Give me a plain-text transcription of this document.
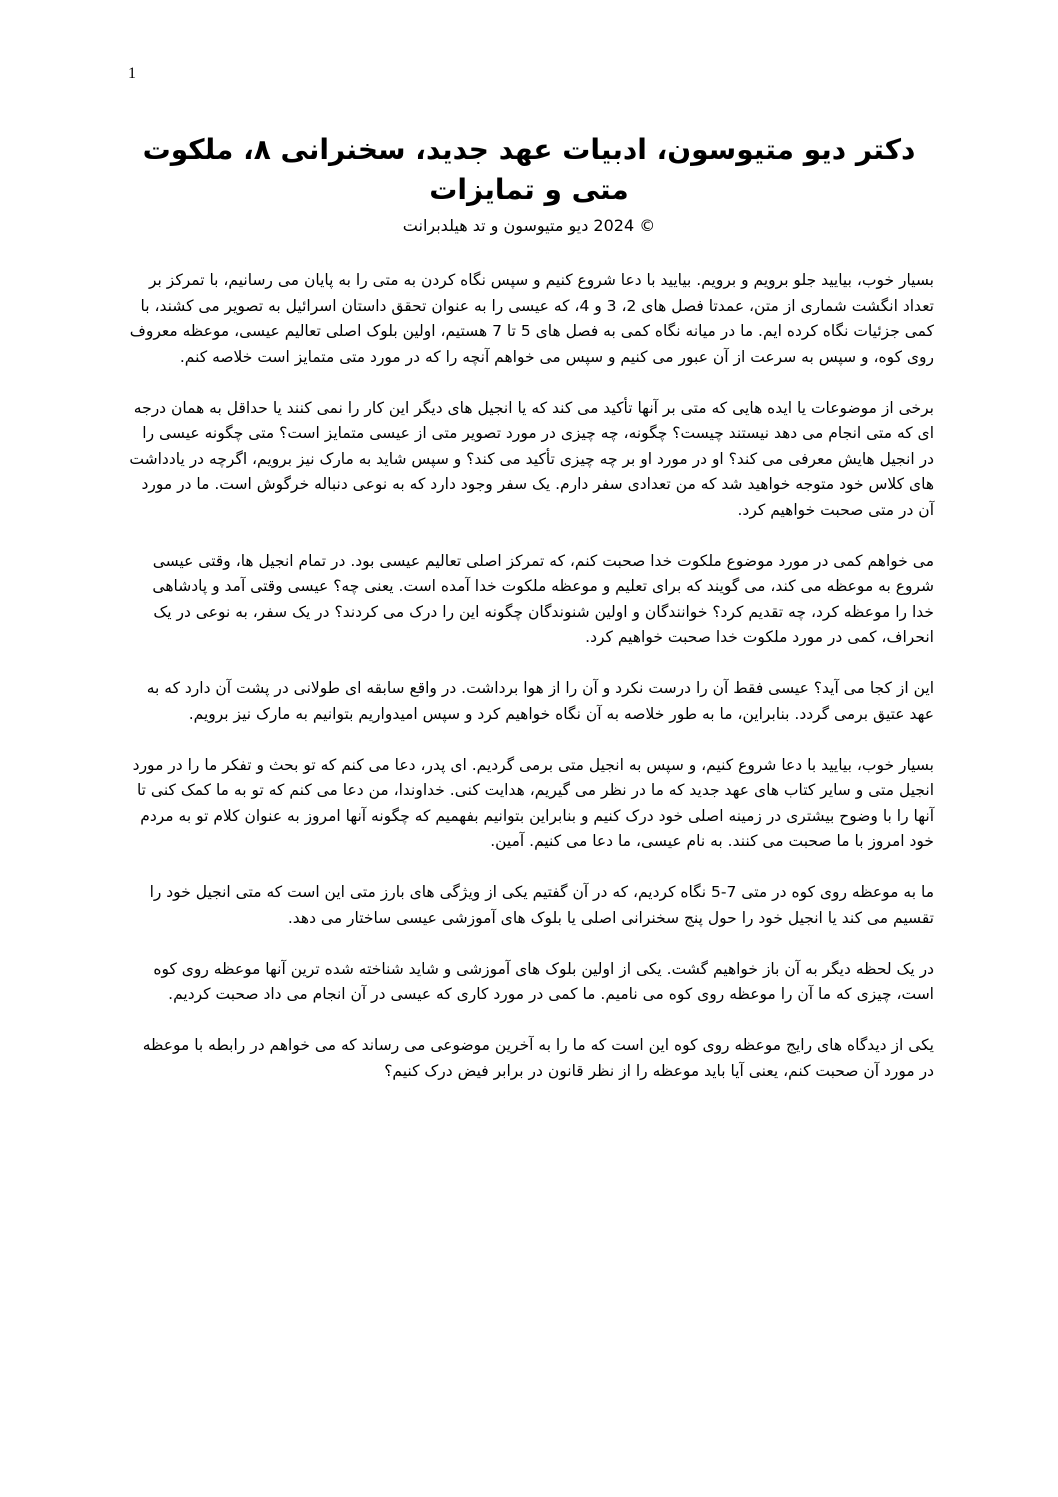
1
دکتر دیو متیوسون، ادبیات عهد جدید، سخنرانی ۸، ملکوت متی و تمایزات
© 2024 دیو متیوسون و تد هیلدبرانت

بسیار خوب، بیایید جلو برویم و برویم. بیایید با دعا شروع کنیم و سپس نگاه کردن به متی را به پایان می رسانیم، با تمرکز بر تعداد انگشت شماری از متن، عمدتا فصل های 2، 3 و 4، که عیسی را به عنوان تحقق داستان اسرائیل به تصویر می کشند، با کمی جزئیات نگاه کرده ایم. ما در میانه نگاه کمی به فصل های 5 تا 7 هستیم، اولین بلوک اصلی تعالیم عیسی، موعظه معروف روی کوه، و سپس به سرعت از آن عبور می کنیم و سپس می خواهم آنچه را که در مورد متی متمایز است خلاصه کنم.

برخی از موضوعات یا ایده هایی که متی بر آنها تأکید می کند که یا انجیل های دیگر این کار را نمی کنند یا حداقل به همان درجه ای که متی انجام می دهد نیستند چیست؟ چگونه، چه چیزی در مورد تصویر متی از عیسی متمایز است؟ متی چگونه عیسی را در انجیل هایش معرفی می کند؟ او در مورد او بر چه چیزی تأکید می کند؟ و سپس شاید به مارک نیز برویم، اگرچه در یادداشت های کلاس خود متوجه خواهید شد که من تعدادی سفر دارم. یک سفر وجود دارد که به نوعی دنباله خرگوش است. ما در مورد آن در متی صحبت خواهیم کرد.

می خواهم کمی در مورد موضوع ملکوت خدا صحبت کنم، که تمرکز اصلی تعالیم عیسی بود. در تمام انجیل ها، وقتی عیسی شروع به موعظه می کند، می گویند که برای تعلیم و موعظه ملکوت خدا آمده است. یعنی چه؟ عیسی وقتی آمد و پادشاهی خدا را موعظه کرد، چه تقدیم کرد؟ خوانندگان و اولین شنوندگان چگونه این را درک می کردند؟ در یک سفر، به نوعی در یک انحراف، کمی در مورد ملکوت خدا صحبت خواهیم کرد.

این از کجا می آید؟ عیسی فقط آن را درست نکرد و آن را از هوا برداشت. در واقع سابقه ای طولانی در پشت آن دارد که به عهد عتیق برمی گردد. بنابراین، ما به طور خلاصه به آن نگاه خواهیم کرد و سپس امیدواریم بتوانیم به مارک نیز برویم.

بسیار خوب، بیایید با دعا شروع کنیم، و سپس به انجیل متی برمی گردیم. ای پدر، دعا می کنم که تو بحث و تفکر ما را در مورد انجیل متی و سایر کتاب های عهد جدید که ما در نظر می گیریم، هدایت کنی. خداوندا، من دعا می کنم که تو به ما کمک کنی تا آنها را با وضوح بیشتری در زمینه اصلی خود درک کنیم و بنابراین بتوانیم بفهمیم که چگونه آنها امروز به عنوان کلام تو به مردم خود امروز با ما صحبت می کنند. به نام عیسی، ما دعا می کنیم. آمین.

ما به موعظه روی کوه در متی 7-5 نگاه کردیم، که در آن گفتیم یکی از ویژگی های بارز متی این است که متی انجیل خود را تقسیم می کند یا انجیل خود را حول پنج سخنرانی اصلی یا بلوک های آموزشی عیسی ساختار می دهد.

در یک لحظه دیگر به آن باز خواهیم گشت. یکی از اولین بلوک های آموزشی و شاید شناخته شده ترین آنها موعظه روی کوه است، چیزی که ما آن را موعظه روی کوه می نامیم. ما کمی در مورد کاری که عیسی در آن انجام می داد صحبت کردیم.

یکی از دیدگاه های رایج موعظه روی کوه این است که ما را به آخرین موضوعی می رساند که می خواهم در رابطه با موعظه در مورد آن صحبت کنم، یعنی آیا باید موعظه را از نظر قانون در برابر فیض درک کنیم؟
